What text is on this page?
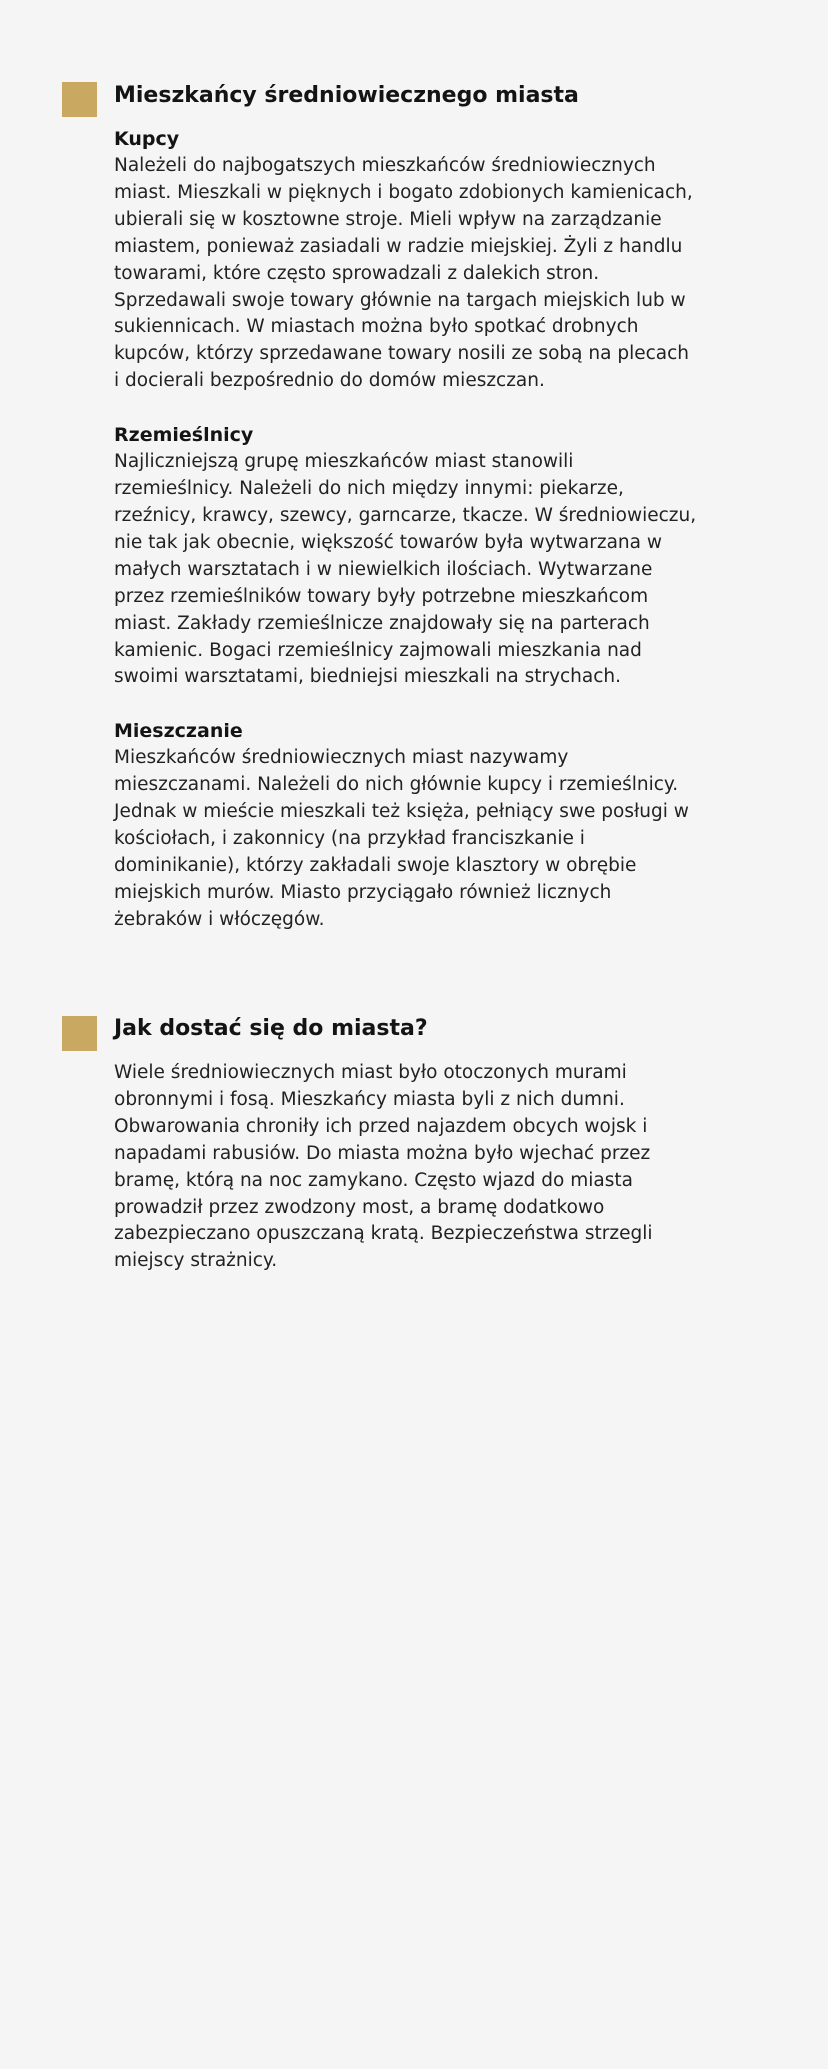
Mieszkańcy średniowiecznego miasta
Kupcy

Należeli do najbogatszych mieszkańców średniowiecznych
miast. Mieszkali w pięknych i bogato zdobionych kamienicach,
ubierali się w kosztowne stroje. Mieli wpływ na zarządzanie
miastem, ponieważ zasiadali w radzie miejskiej. Żyli z handlu
towarami, które często sprowadzali z dalekich stron.
Sprzedawali swoje towary głównie na targach miejskich lub w
sukiennicach. W miastach można było spotkać drobnych
kupców, którzy sprzedawane towary nosili ze sobą na plecach
i docierali bezpośrednio do domów mieszczan.

Rzemieślnicy

Najliczniejszą grupę mieszkańców miast stanowili
rzemieślnicy. Należeli do nich między innymi: piekarze,
rzeźnicy, krawcy, szewcy, garncarze, tkacze. W średniowieczu,
nie tak jak obecnie, większość towarów była wytwarzana w
małych warsztatach i w niewielkich ilościach. Wytwarzane
przez rzemieślników towary były potrzebne mieszkańcom
miast. Zakłady rzemieślnicze znajdowały się na parterach
kamienic. Bogaci rzemieślnicy zajmowali mieszkania nad
swoimi warsztatami, biedniejsi mieszkali na strychach.

Mieszczanie

Mieszkańców średniowiecznych miast nazywamy
mieszczanami. Należeli do nich głównie kupcy i rzemieślnicy.
Jednak w mieście mieszkali też księża, pełniący swe posługi w
kościołach, i zakonnicy (na przykład franciszkanie i
dominikanie), którzy zakładali swoje klasztory w obrębie
miejskich murów. Miasto przyciągało również licznych
żebraków i włóczęgów.

Jak dostać się do miasta?

Wiele średniowiecznych miast było otoczonych murami
obronnymi i fosą. Mieszkańcy miasta byli z nich dumni.
Obwarowania chroniły ich przed najazdem obcych wojsk i
napadami rabusiów. Do miasta można było wjechać przez
bramę, którą na noc zamykano. Często wjazd do miasta
prowadził przez zwodzony most, a bramę dodatkowo
zabezpieczano opuszczaną kratą. Bezpieczeństwa strzegli
miejscy strażnicy.
